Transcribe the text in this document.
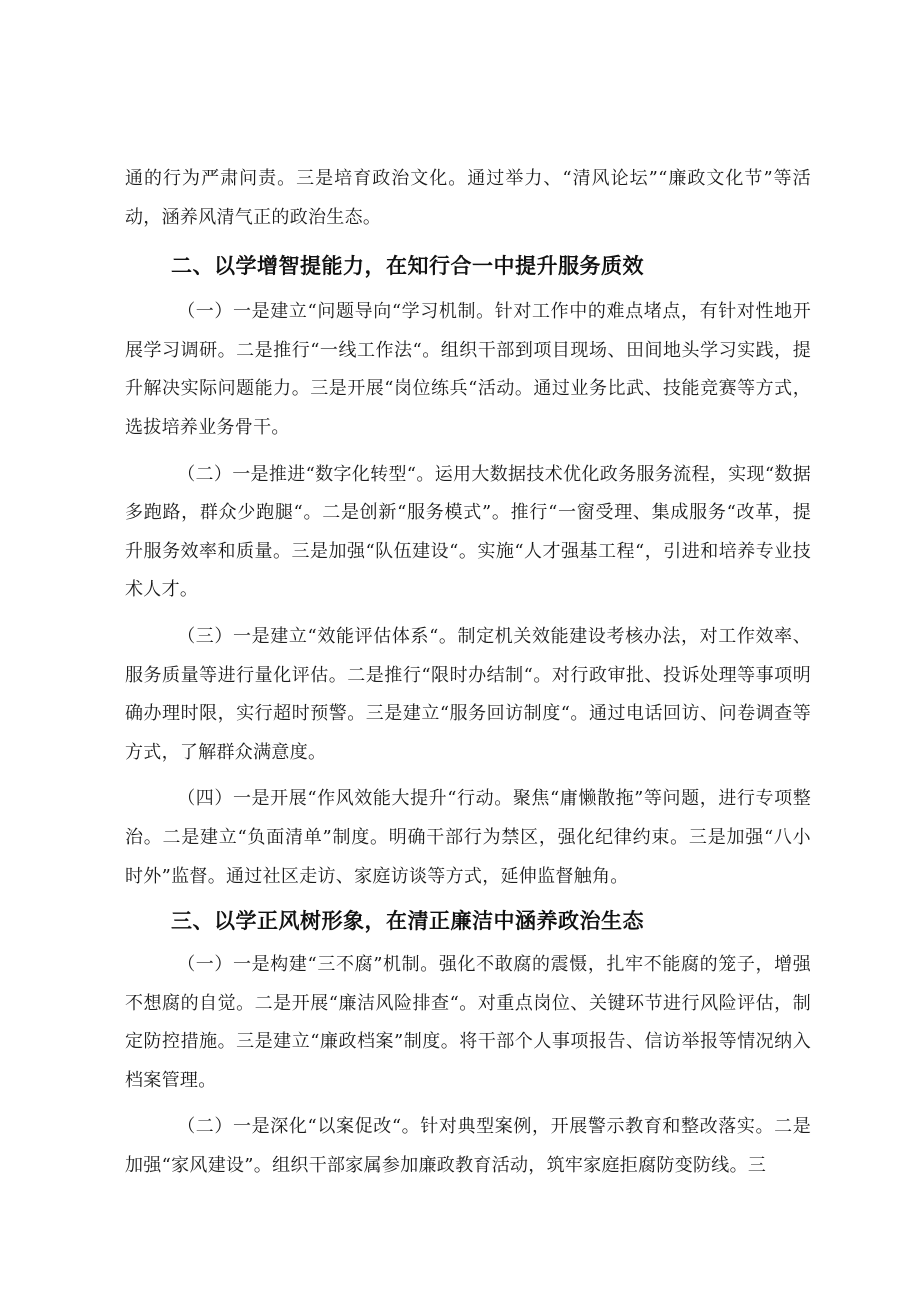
通的行为严肃问责。三是培育政治文化。通过举力、“清风论坛”“廉政文化节”等活动，涵养风清气正的政治生态。

二、以学增智提能力，在知行合一中提升服务质效

（一）一是建立“问题导向“学习机制。针对工作中的难点堵点，有针对性地开展学习调研。二是推行“一线工作法“。组织干部到项目现场、田间地头学习实践，提升解决实际问题能力。三是开展“岗位练兵“活动。通过业务比武、技能竞赛等方式，选拔培养业务骨干。

（二）一是推进“数字化转型“。运用大数据技术优化政务服务流程，实现“数据多跑路，群众少跑腿“。二是创新“服务模式”。推行“一窗受理、集成服务“改革，提升服务效率和质量。三是加强“队伍建设“。实施“人才强基工程“，引进和培养专业技术人才。

（三）一是建立“效能评估体系“。制定机关效能建设考核办法，对工作效率、服务质量等进行量化评估。二是推行“限时办结制“。对行政审批、投诉处理等事项明确办理时限，实行超时预警。三是建立“服务回访制度“。通过电话回访、问卷调查等方式，了解群众满意度。

（四）一是开展“作风效能大提升“行动。聚焦“庸懒散拖”等问题，进行专项整治。二是建立“负面清单”制度。明确干部行为禁区，强化纪律约束。三是加强“八小时外”监督。通过社区走访、家庭访谈等方式，延伸监督触角。

三、以学正风树形象，在清正廉洁中涵养政治生态

（一）一是构建“三不腐”机制。强化不敢腐的震慑，扎牢不能腐的笼子，增强不想腐的自觉。二是开展“廉洁风险排查“。对重点岗位、关键环节进行风险评估，制定防控措施。三是建立“廉政档案”制度。将干部个人事项报告、信访举报等情况纳入档案管理。

（二）一是深化“以案促改“。针对典型案例，开展警示教育和整改落实。二是加强“家风建设”。组织干部家属参加廉政教育活动，筑牢家庭拒腐防变防线。三
